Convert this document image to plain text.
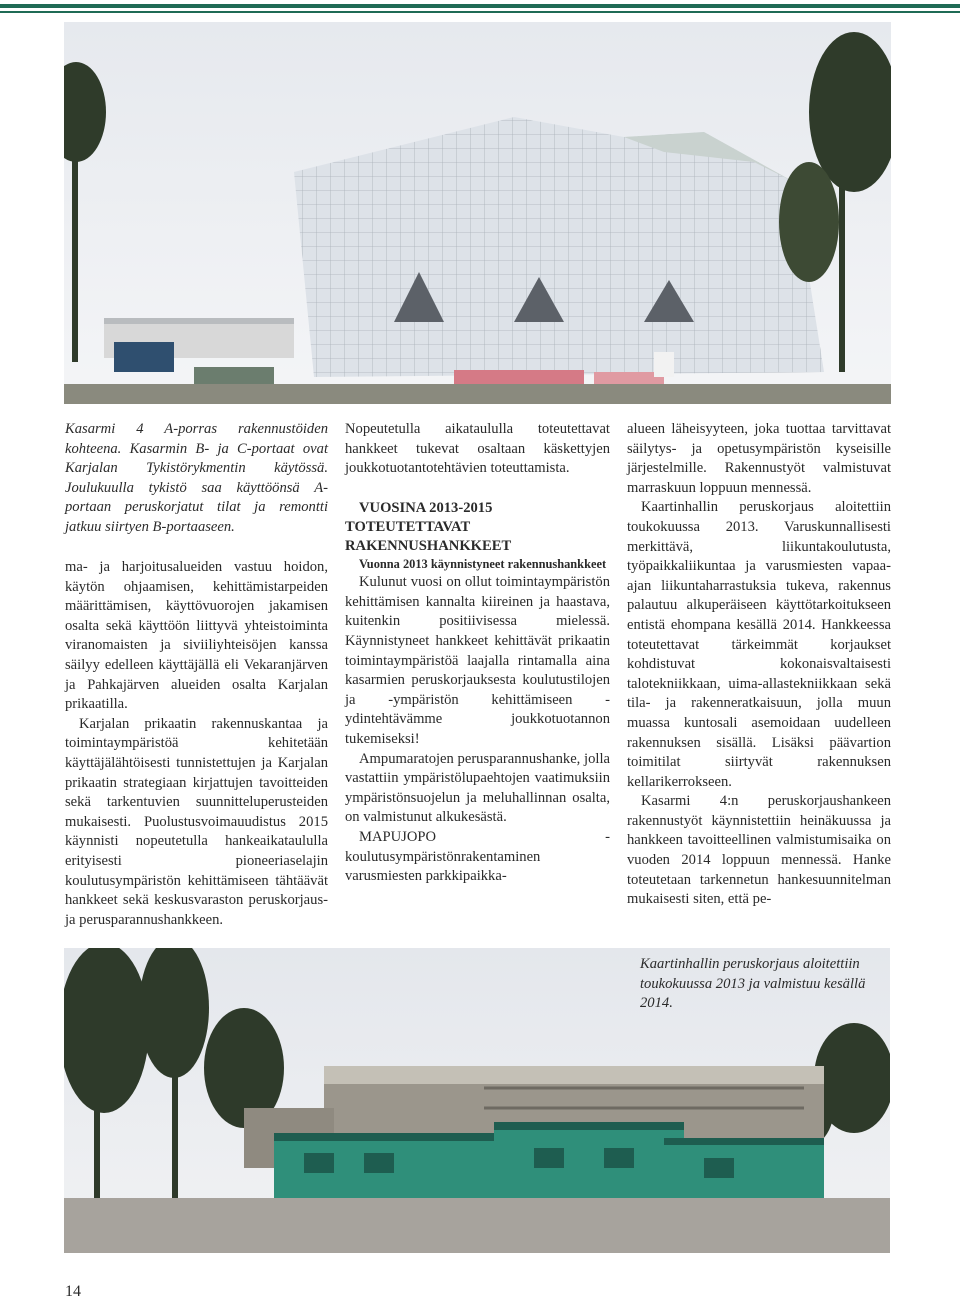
Kasarmi 4 A-porras rakennustöiden kohteena. Kasarmin B- ja C-portaat ovat Karjalan Tykistörykmentin käytössä. Joulukuulla tykistö saa käyttöönsä A-portaan peruskorjatut tilat ja remontti jatkuu siirtyen B-portaaseen.

ma- ja harjoitusalueiden vastuu hoidon, käytön ohjaamisen, kehittämistarpeiden määrittämisen, käyttövuorojen jakamisen osalta sekä käyttöön liittyvä yhteistoiminta viranomaisten ja siviiliyhteisöjen kanssa säilyy edelleen käyttäjällä eli Vekaranjärven ja Pahkajärven alueiden osalta Karjalan prikaatilla.

Karjalan prikaatin rakennuskantaa ja toimintaympäristöä kehitetään käyttäjälähtöisesti tunnistettujen ja Karjalan prikaatin strategiaan kirjattujen tavoitteiden sekä tarkentuvien suunnitteluperusteiden mukaisesti. Puolustusvoimauudistus 2015 käynnisti nopeutetulla hankeaikataululla erityisesti pioneeriaselajin koulutusympäristön kehittämiseen tähtäävät hankkeet sekä keskusvaraston peruskorjaus- ja perusparannushankkeen.

Nopeutetulla aikataululla toteutettavat hankkeet tukevat osaltaan käskettyjen joukkotuotantotehtävien toteuttamista.

VUOSINA 2013-2015 TOTEUTETTAVAT RAKENNUSHANKKEET

Vuonna 2013 käynnistyneet rakennushankkeet

Kulunut vuosi on ollut toimintaympäristön kehittämisen kannalta kiireinen ja haastava, kuitenkin positiivisessa mielessä. Käynnistyneet hankkeet kehittävät prikaatin toimintaympäristöä laajalla rintamalla aina kasarmien peruskorjauksesta koulutustilojen ja -ympäristön kehittämiseen - ydintehtävämme joukkotuotannon tukemiseksi!

Ampumaratojen perusparannushanke, jolla vastattiin ympäristölupaehtojen vaatimuksiin ympäristönsuojelun ja meluhallinnan osalta, on valmistunut alkukesästä.

MAPUJOPO -koulutusympäristönrakentaminen varusmiesten parkkipaikka-

alueen läheisyyteen, joka tuottaa tarvittavat säilytys- ja opetusympäristön kyseisille järjestelmille. Rakennustyöt valmistuvat marraskuun loppuun mennessä.

Kaartinhallin peruskorjaus aloitettiin toukokuussa 2013. Varuskunnallisesti merkittävä, liikuntakoulutusta, työpaikkaliikuntaa ja varusmiesten vapaa-ajan liikuntaharrastuksia tukeva, rakennus palautuu alkuperäiseen käyttötarkoitukseen entistä ehompana kesällä 2014. Hankkeessa toteutettavat tärkeimmät korjaukset kohdistuvat kokonaisvaltaisesti talotekniikkaan, uima-allastekniikkaan sekä tila- ja rakenneratkaisuun, jolla muun muassa kuntosali asemoidaan uudelleen rakennuksen sisällä. Lisäksi päävartion toimitilat siirtyvät rakennuksen kellarikerrokseen.

Kasarmi 4:n peruskorjaushankeen rakennustyöt käynnistettiin heinäkuussa ja hankkeen tavoitteellinen valmistumisaika on vuoden 2014 loppuun mennessä. Hanke toteutetaan tarkennetun hankesuunnitelman mukaisesti siten, että pe-

Kaartinhallin peruskorjaus aloitettiin toukokuussa 2013 ja valmistuu kesällä 2014.
14
